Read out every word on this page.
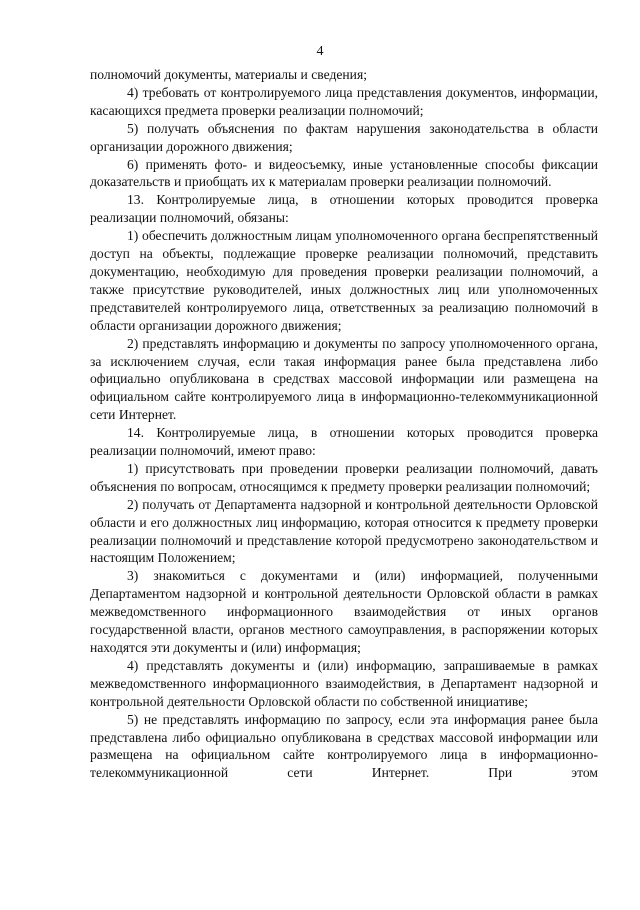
4

полномочий документы, материалы и сведения;

4) требовать от контролируемого лица представления документов, информации, касающихся предмета проверки реализации полномочий;

5) получать объяснения по фактам нарушения законодательства в области организации дорожного движения;

6) применять фото- и видеосъемку, иные установленные способы фиксации доказательств и приобщать их к материалам проверки реализации полномочий.

13. Контролируемые лица, в отношении которых проводится проверка реализации полномочий, обязаны:

1) обеспечить должностным лицам уполномоченного органа беспрепятственный доступ на объекты, подлежащие проверке реализации полномочий, представить документацию, необходимую для проведения проверки реализации полномочий, а также присутствие руководителей, иных должностных лиц или уполномоченных представителей контролируемого лица, ответственных за реализацию полномочий в области организации дорожного движения;

2) представлять информацию и документы по запросу уполномоченного органа, за исключением случая, если такая информация ранее была представлена либо официально опубликована в средствах массовой информации или размещена на официальном сайте контролируемого лица в информационно-телекоммуникационной сети Интернет.

14. Контролируемые лица, в отношении которых проводится проверка реализации полномочий, имеют право:

1) присутствовать при проведении проверки реализации полномочий, давать объяснения по вопросам, относящимся к предмету проверки реализации полномочий;

2) получать от Департамента надзорной и контрольной деятельности Орловской области и его должностных лиц информацию, которая относится к предмету проверки реализации полномочий и представление которой предусмотрено законодательством и настоящим Положением;

3) знакомиться с документами и (или) информацией, полученными Департаментом надзорной и контрольной деятельности Орловской области в рамках межведомственного информационного взаимодействия от иных органов государственной власти, органов местного самоуправления, в распоряжении которых находятся эти документы и (или) информация;

4) представлять документы и (или) информацию, запрашиваемые в рамках межведомственного информационного взаимодействия, в Департамент надзорной и контрольной деятельности Орловской области по собственной инициативе;

5) не представлять информацию по запросу, если эта информация ранее была представлена либо официально опубликована в средствах массовой информации или размещена на официальном сайте контролируемого лица в информационно-телекоммуникационной сети Интернет. При этом
